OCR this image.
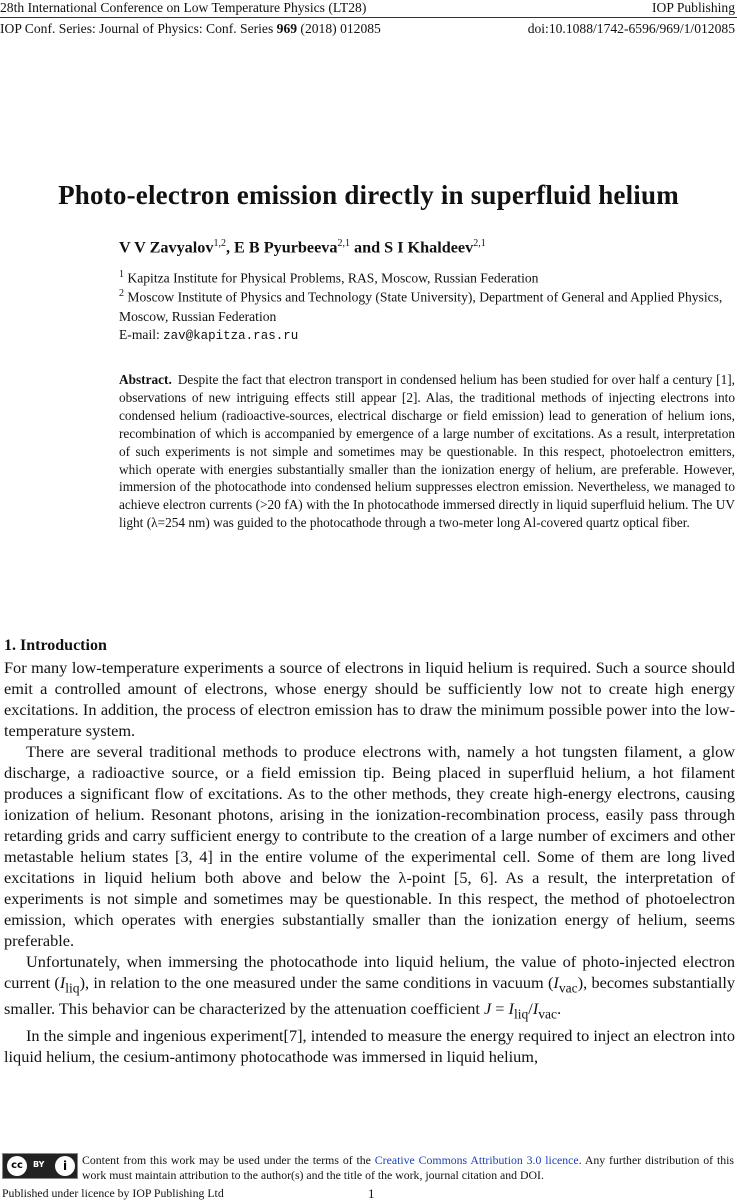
28th International Conference on Low Temperature Physics (LT28)	IOP Publishing
IOP Conf. Series: Journal of Physics: Conf. Series 969 (2018) 012085	doi:10.1088/1742-6596/969/1/012085
Photo-electron emission directly in superfluid helium
V V Zavyalov$^{1,2}$, E B Pyurbeeva$^{2,1}$ and S I Khaldeev$^{2,1}$
$^1$ Kapitza Institute for Physical Problems, RAS, Moscow, Russian Federation
$^2$ Moscow Institute of Physics and Technology (State University), Department of General and Applied Physics, Moscow, Russian Federation
E-mail: zav@kapitza.ras.ru
Abstract. Despite the fact that electron transport in condensed helium has been studied for over half a century [1], observations of new intriguing effects still appear [2]. Alas, the traditional methods of injecting electrons into condensed helium (radioactive-sources, electrical discharge or field emission) lead to generation of helium ions, recombination of which is accompanied by emergence of a large number of excitations. As a result, interpretation of such experiments is not simple and sometimes may be questionable. In this respect, photoelectron emitters, which operate with energies substantially smaller than the ionization energy of helium, are preferable. However, immersion of the photocathode into condensed helium suppresses electron emission. Nevertheless, we managed to achieve electron currents (>20 fA) with the In photocathode immersed directly in liquid superfluid helium. The UV light (λ=254 nm) was guided to the photocathode through a two-meter long Al-covered quartz optical fiber.
1. Introduction

For many low-temperature experiments a source of electrons in liquid helium is required. Such a source should emit a controlled amount of electrons, whose energy should be sufficiently low not to create high energy excitations. In addition, the process of electron emission has to draw the minimum possible power into the low-temperature system.

There are several traditional methods to produce electrons with, namely a hot tungsten filament, a glow discharge, a radioactive source, or a field emission tip. Being placed in superfluid helium, a hot filament produces a significant flow of excitations. As to the other methods, they create high-energy electrons, causing ionization of helium. Resonant photons, arising in the ionization-recombination process, easily pass through retarding grids and carry sufficient energy to contribute to the creation of a large number of excimers and other metastable helium states [3, 4] in the entire volume of the experimental cell. Some of them are long lived excitations in liquid helium both above and below the λ-point [5, 6]. As a result, the interpretation of experiments is not simple and sometimes may be questionable. In this respect, the method of photoelectron emission, which operates with energies substantially smaller than the ionization energy of helium, seems preferable.

Unfortunately, when immersing the photocathode into liquid helium, the value of photo-injected electron current $(I_{liq})$, in relation to the one measured under the same conditions in vacuum $(I_{vac})$, becomes substantially smaller. This behavior can be characterized by the attenuation coefficient $J = I_{liq}/I_{vac}$.

In the simple and ingenious experiment[7], intended to measure the energy required to inject an electron into liquid helium, the cesium-antimony photocathode was immersed in liquid helium,

cc	BY	i	Content from this work may be used under the terms of the Creative Commons Attribution 3.0 licence. Any further distribution of this work must maintain attribution to the author(s) and the title of the work, journal citation and DOI.
Published under licence by IOP Publishing Ltd	1
